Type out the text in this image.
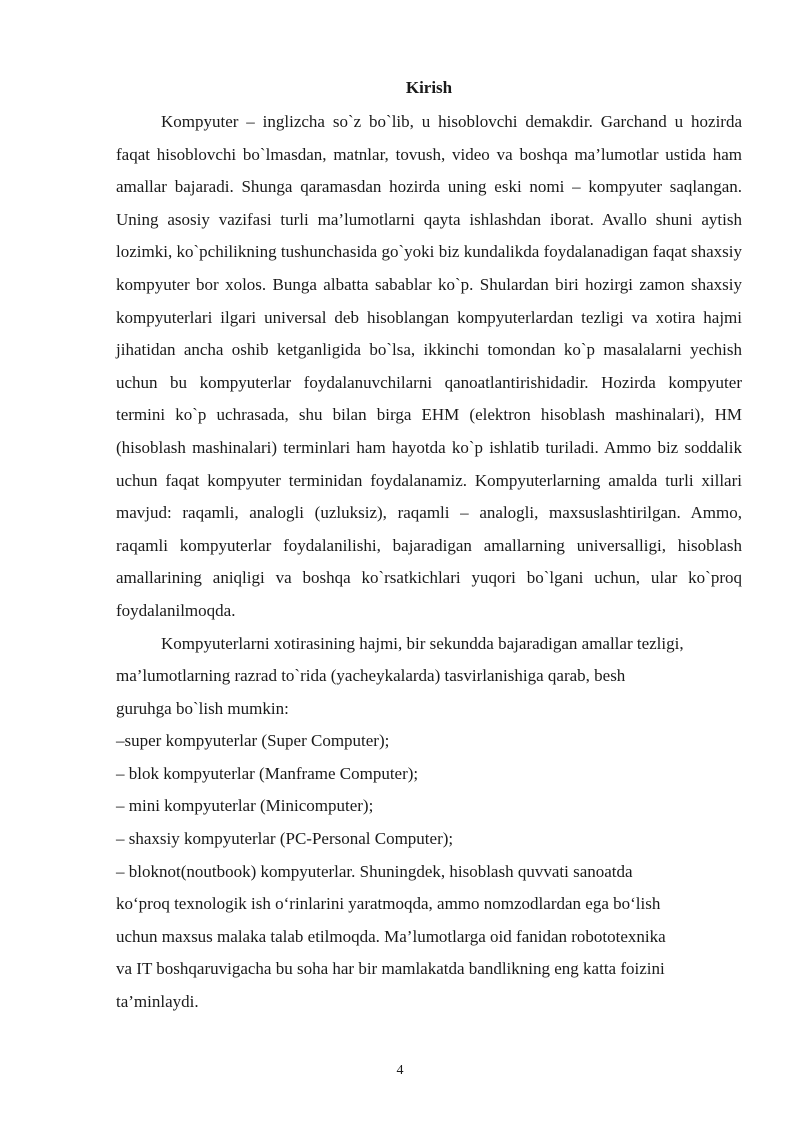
Kirish

Kompyuter – inglizcha so`z bo`lib, u hisoblovchi demakdir. Garchand u hozirda faqat hisoblovchi bo`lmasdan, matnlar, tovush, video va boshqa ma’lumotlar ustida ham amallar bajaradi. Shunga qaramasdan hozirda uning eski nomi – kompyuter saqlangan. Uning asosiy vazifasi turli ma’lumotlarni qayta ishlashdan iborat. Avallo shuni aytish lozimki, ko`pchilikning tushunchasida go`yoki biz kundalikda foydalanadigan faqat shaxsiy kompyuter bor xolos. Bunga albatta sabablar ko`p. Shulardan biri hozirgi zamon shaxsiy kompyuterlari ilgari universal deb hisoblangan kompyuterlardan tezligi va xotira hajmi jihatidan ancha oshib ketganligida bo`lsa, ikkinchi tomondan ko`p masalalarni yechish uchun bu kompyuterlar foydalanuvchilarni qanoatlantirishidadir. Hozirda kompyuter termini ko`p uchrasada, shu bilan birga EHM (elektron hisoblash mashinalari), HM (hisoblash mashinalari) terminlari ham hayotda ko`p ishlatib turiladi. Ammo biz soddalik uchun faqat kompyuter terminidan foydalanamiz. Kompyuterlarning amalda turli xillari mavjud: raqamli, analogli (uzluksiz), raqamli – analogli, maxsuslashtirilgan. Ammo, raqamli kompyuterlar foydalanilishi, bajaradigan amallarning universalligi, hisoblash amallarining aniqligi va boshqa ko`rsatkichlari yuqori bo`lgani uchun, ular ko`proq foydalanilmoqda.

Kompyuterlarni xotirasining hajmi, bir sekundda bajaradigan amallar tezligi,

ma’lumotlarning razrad to`rida (yacheykalarda) tasvirlanishiga qarab, besh

guruhga bo`lish mumkin:

–super kompyuterlar (Super Computer);
– blok kompyuterlar (Manframe Computer);
– mini kompyuterlar (Minicomputer);
– shaxsiy kompyuterlar (PC-Personal Computer);
– bloknot(noutbook) kompyuterlar. Shuningdek, hisoblash quvvati sanoatda

ko‘proq texnologik ish o‘rinlarini yaratmoqda, ammo nomzodlardan ega bo‘lish

uchun maxsus malaka talab etilmoqda. Ma’lumotlarga oid fanidan robototexnika

va IT boshqaruvigacha bu soha har bir mamlakatda bandlikning eng katta foizini

ta’minlaydi.

4
